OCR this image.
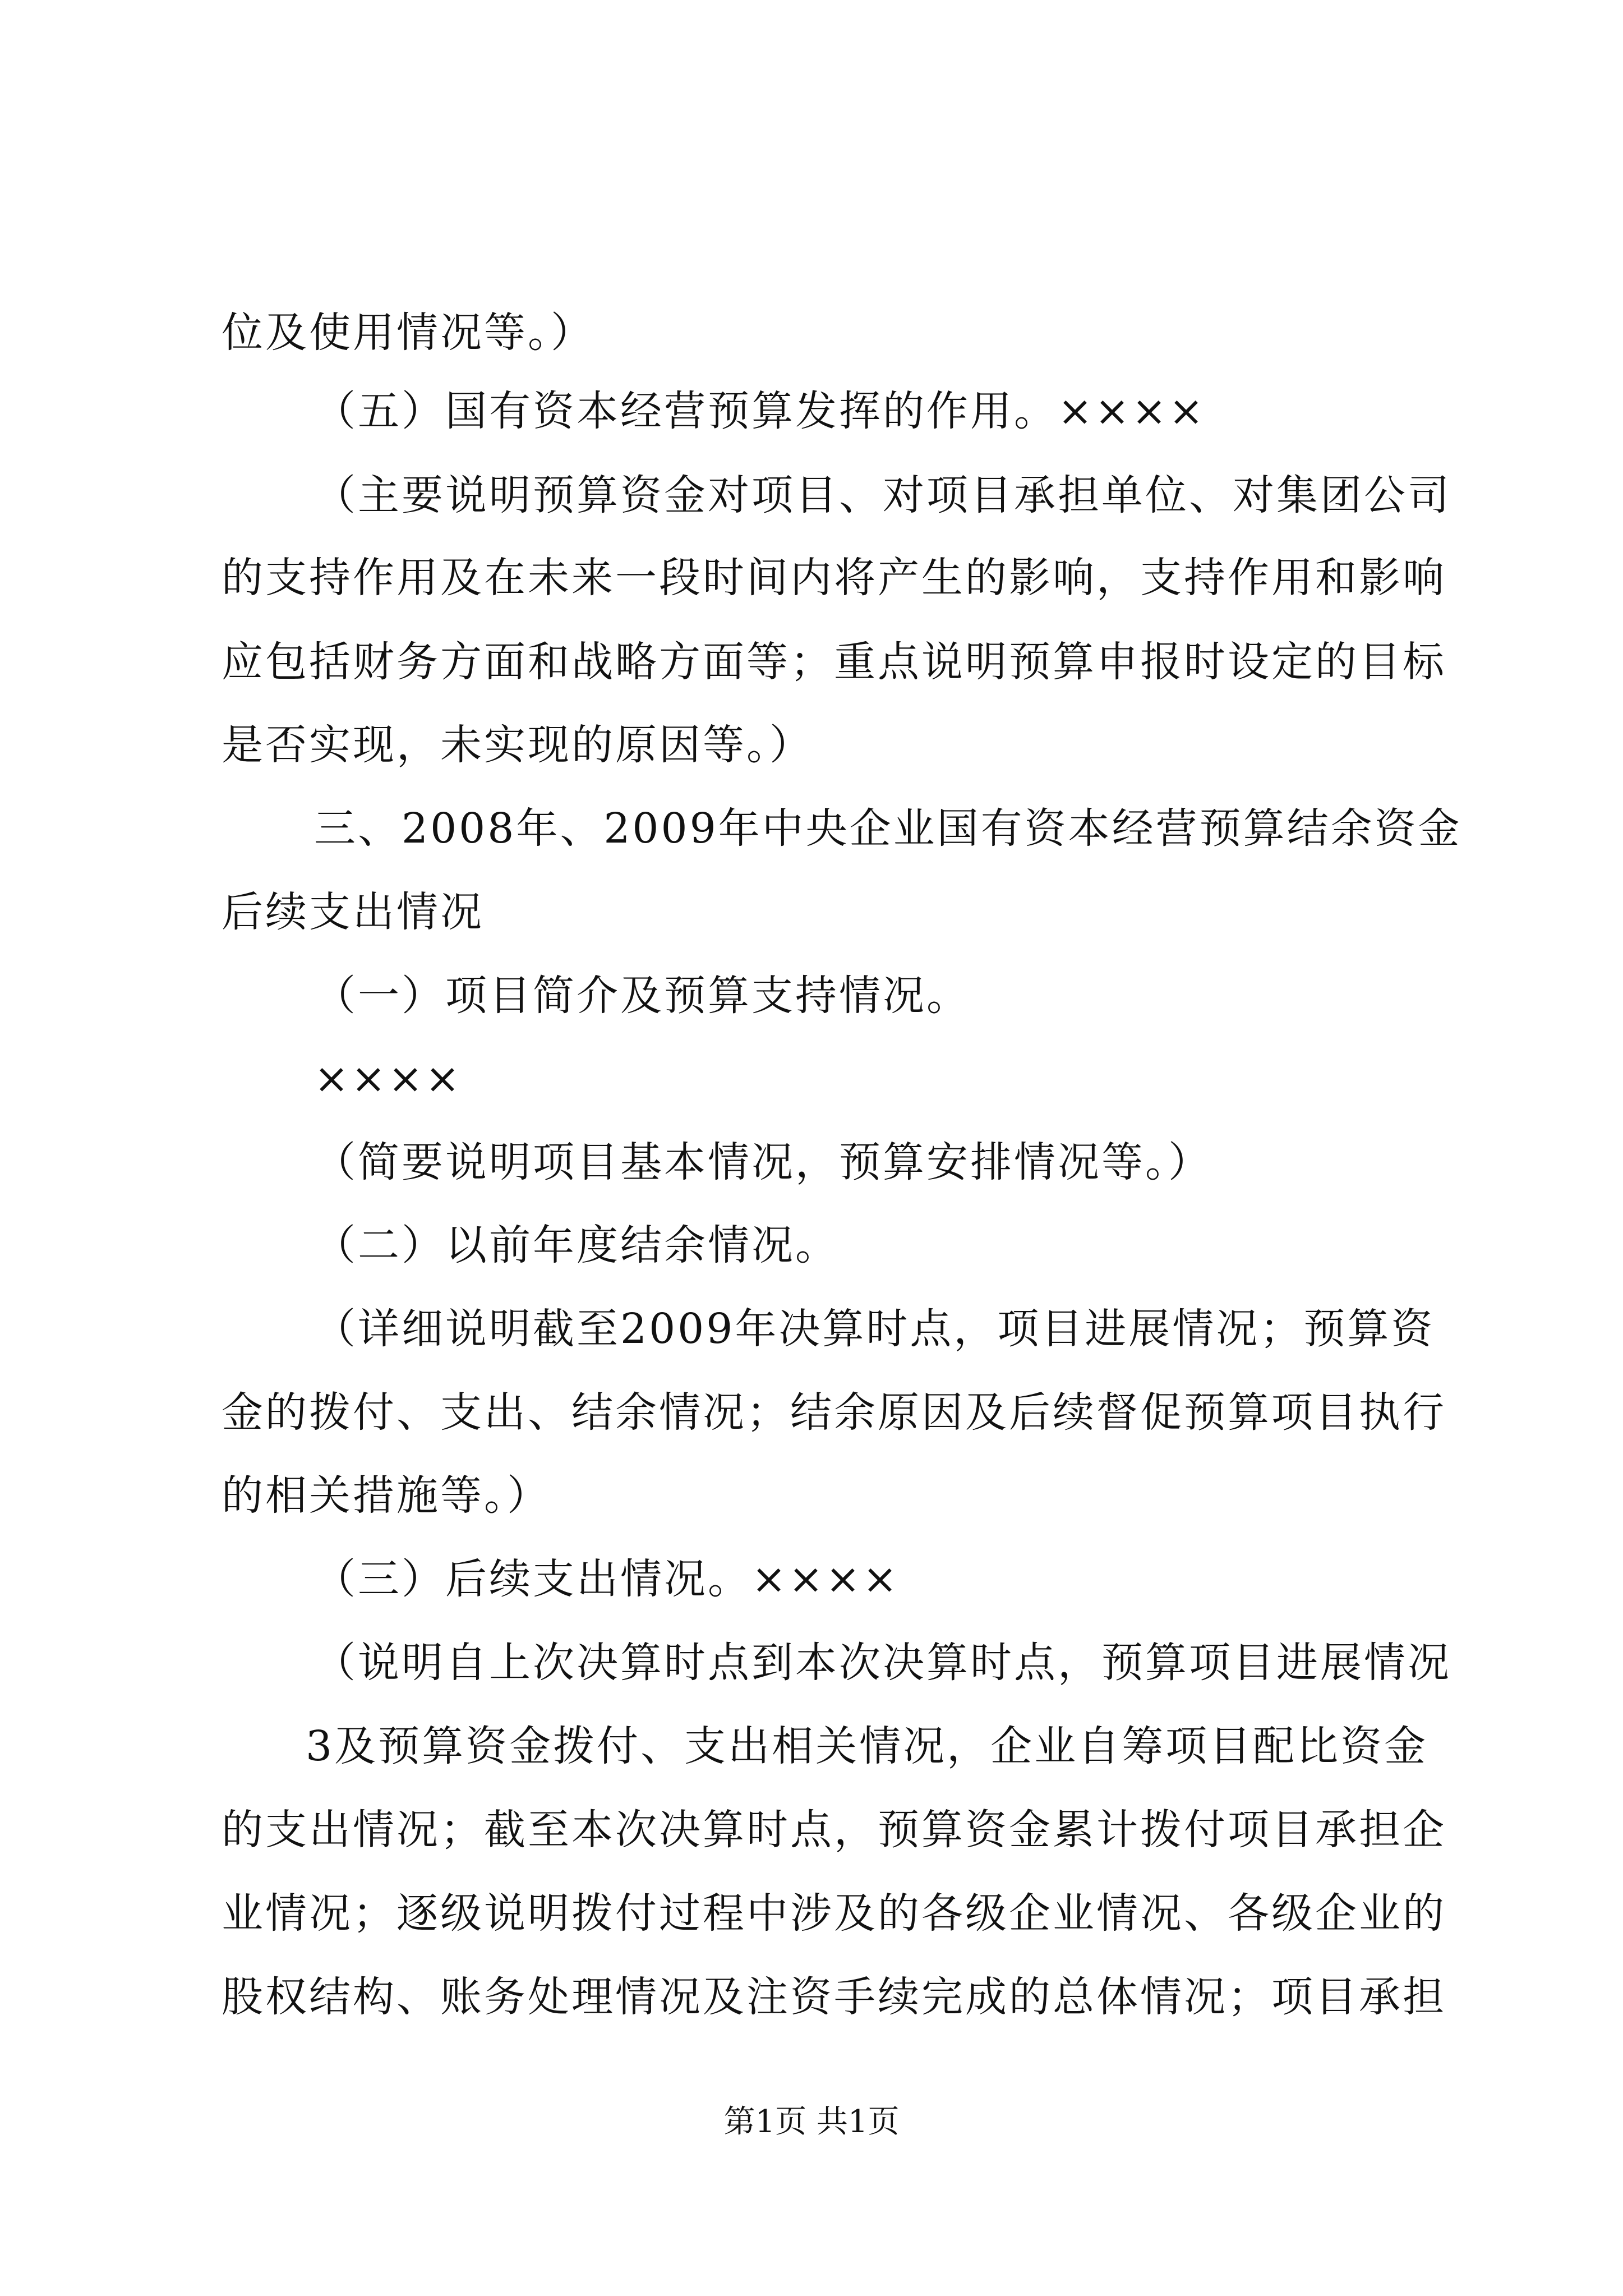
位及使用情况等。）
（五）国有资本经营预算发挥的作用。××××
（主要说明预算资金对项目、对项目承担单位、对集团公司
的支持作用及在未来一段时间内将产生的影响，支持作用和影响
应包括财务方面和战略方面等；重点说明预算申报时设定的目标
是否实现，未实现的原因等。）
三、2008年、2009年中央企业国有资本经营预算结余资金
后续支出情况
（一）项目简介及预算支持情况。
××××
（简要说明项目基本情况，预算安排情况等。）
（二）以前年度结余情况。
（详细说明截至2009年决算时点，项目进展情况；预算资
金的拨付、支出、结余情况；结余原因及后续督促预算项目执行
的相关措施等。）
（三）后续支出情况。××××
（说明自上次决算时点到本次决算时点，预算项目进展情况
3及预算资金拨付、支出相关情况，企业自筹项目配比资金
的支出情况；截至本次决算时点，预算资金累计拨付项目承担企
业情况；逐级说明拨付过程中涉及的各级企业情况、各级企业的
股权结构、账务处理情况及注资手续完成的总体情况；项目承担
第1页 共1页
